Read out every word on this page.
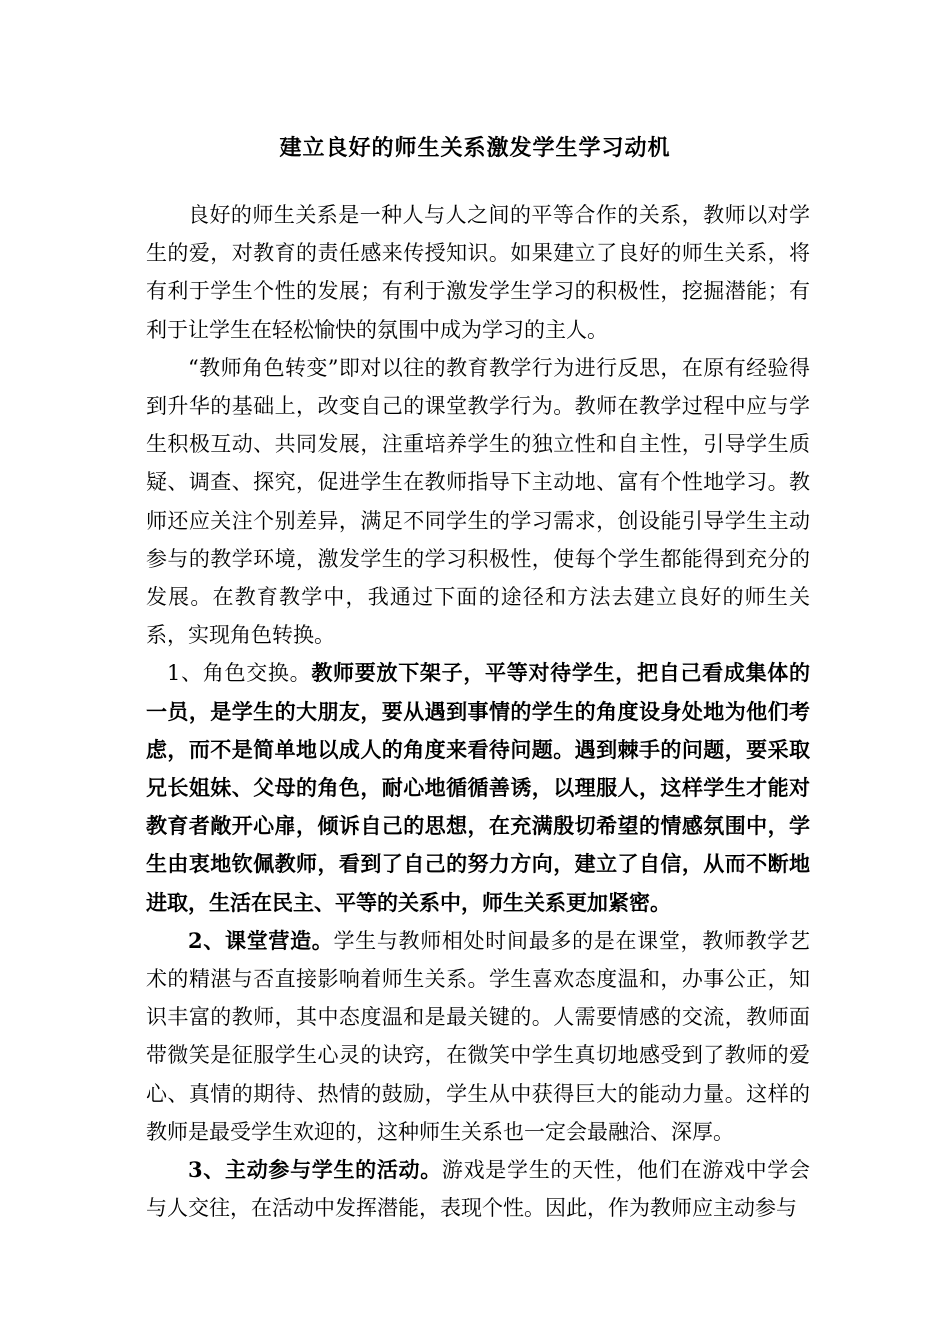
建立良好的师生关系激发学生学习动机

良好的师生关系是一种人与人之间的平等合作的关系，教师以对学生的爱，对教育的责任感来传授知识。如果建立了良好的师生关系，将有利于学生个性的发展；有利于激发学生学习的积极性，挖掘潜能；有利于让学生在轻松愉快的氛围中成为学习的主人。

“教师角色转变”即对以往的教育教学行为进行反思，在原有经验得到升华的基础上，改变自己的课堂教学行为。教师在教学过程中应与学生积极互动、共同发展，注重培养学生的独立性和自主性，引导学生质疑、调查、探究，促进学生在教师指导下主动地、富有个性地学习。教师还应关注个别差异，满足不同学生的学习需求，创设能引导学生主动参与的教学环境，激发学生的学习积极性，使每个学生都能得到充分的发展。在教育教学中，我通过下面的途径和方法去建立良好的师生关系，实现角色转换。

1、角色交换。教师要放下架子，平等对待学生，把自己看成集体的一员，是学生的大朋友，要从遇到事情的学生的角度设身处地为他们考虑，而不是简单地以成人的角度来看待问题。遇到棘手的问题，要采取兄长姐妹、父母的角色，耐心地循循善诱，以理服人，这样学生才能对教育者敞开心扉，倾诉自己的思想，在充满殷切希望的情感氛围中，学生由衷地钦佩教师，看到了自己的努力方向，建立了自信，从而不断地进取，生活在民主、平等的关系中，师生关系更加紧密。

2、课堂营造。学生与教师相处时间最多的是在课堂，教师教学艺术的精湛与否直接影响着师生关系。学生喜欢态度温和，办事公正，知识丰富的教师，其中态度温和是最关键的。人需要情感的交流，教师面带微笑是征服学生心灵的诀窍，在微笑中学生真切地感受到了教师的爱心、真情的期待、热情的鼓励，学生从中获得巨大的能动力量。这样的教师是最受学生欢迎的，这种师生关系也一定会最融洽、深厚。

3、主动参与学生的活动。游戏是学生的天性，他们在游戏中学会与人交往，在活动中发挥潜能，表现个性。因此，作为教师应主动参与
